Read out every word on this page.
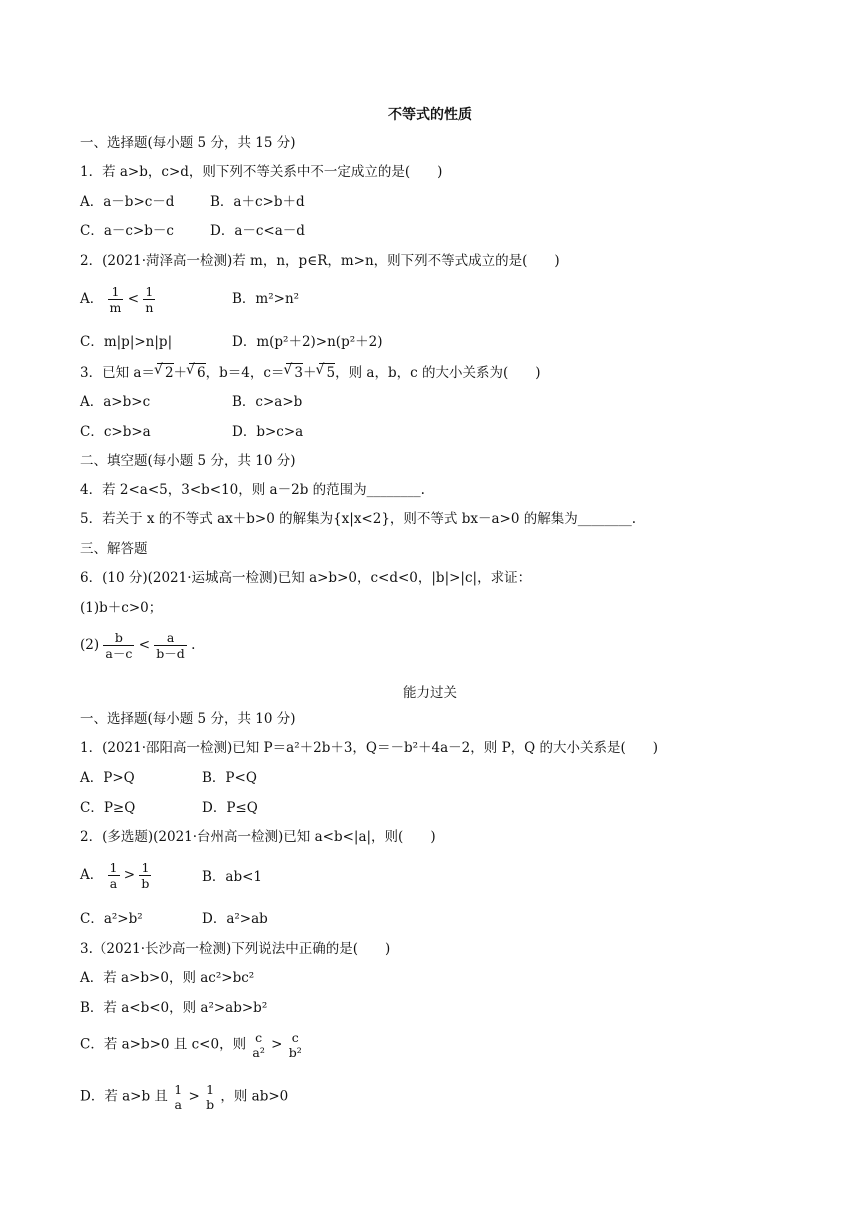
不等式的性质
一、选择题(每小题 5 分，共 15 分)
1．若 a>b，c>d，则下列不等关系中不一定成立的是(　　)
A．a－b>c－d	B．a＋c>b＋d
C．a－c>b－c	D．a－c<a－d
2．(2021·菏泽高一检测)若 m，n，p∈R，m>n，则下列不等式成立的是(　　)
A． $\frac{1}{m} < \frac{1}{n}$	B．m²>n²
C．m|p|>n|p|	D．m(p²＋2)>n(p²＋2)
3．已知 a＝ √ 2＋ √ 6，b＝4，c＝ √ 3＋ √ 5，则 a，b，c 的大小关系为(　　)
A．a>b>c	B．c>a>b
C．c>b>a	D．b>c>a
二、填空题(每小题 5 分，共 10 分)
4．若 2<a<5，3<b<10，则 a－2b 的范围为________.
5．若关于 x 的不等式 ax＋b>0 的解集为{x|x<2}，则不等式 bx－a>0 的解集为________.
三、解答题
6．(10 分)(2021·运城高一检测)已知 a>b>0，c<d<0，|b|>|c|，求证：
(1)b＋c>0；
$(2) \frac{b}{a-c} < \frac{a}{b-d}$ .
能力过关
一、选择题(每小题 5 分，共 10 分)
1．(2021·邵阳高一检测)已知 P＝a²＋2b＋3，Q＝－b²＋4a－2，则 P，Q 的大小关系是(　　)
A．P>Q	B．P<Q
C．P≥Q	D．P≤Q
2．(多选题)(2021·台州高一检测)已知 a<b<|a|，则(　　)
A． $\frac{1}{a} > \frac{1}{b}$	B．ab<1
C．a²>b²	D．a²>ab
3.（2021·长沙高一检测)下列说法中正确的是(　　)
A．若 a>b>0，则 ac²>bc²
B．若 a<b<0，则 a²>ab>b²
C．若 a>b>0 且 c<0，则 c
a² > c
b²
D．若 a>b 且 1
a > 1
b ，则 ab>0
